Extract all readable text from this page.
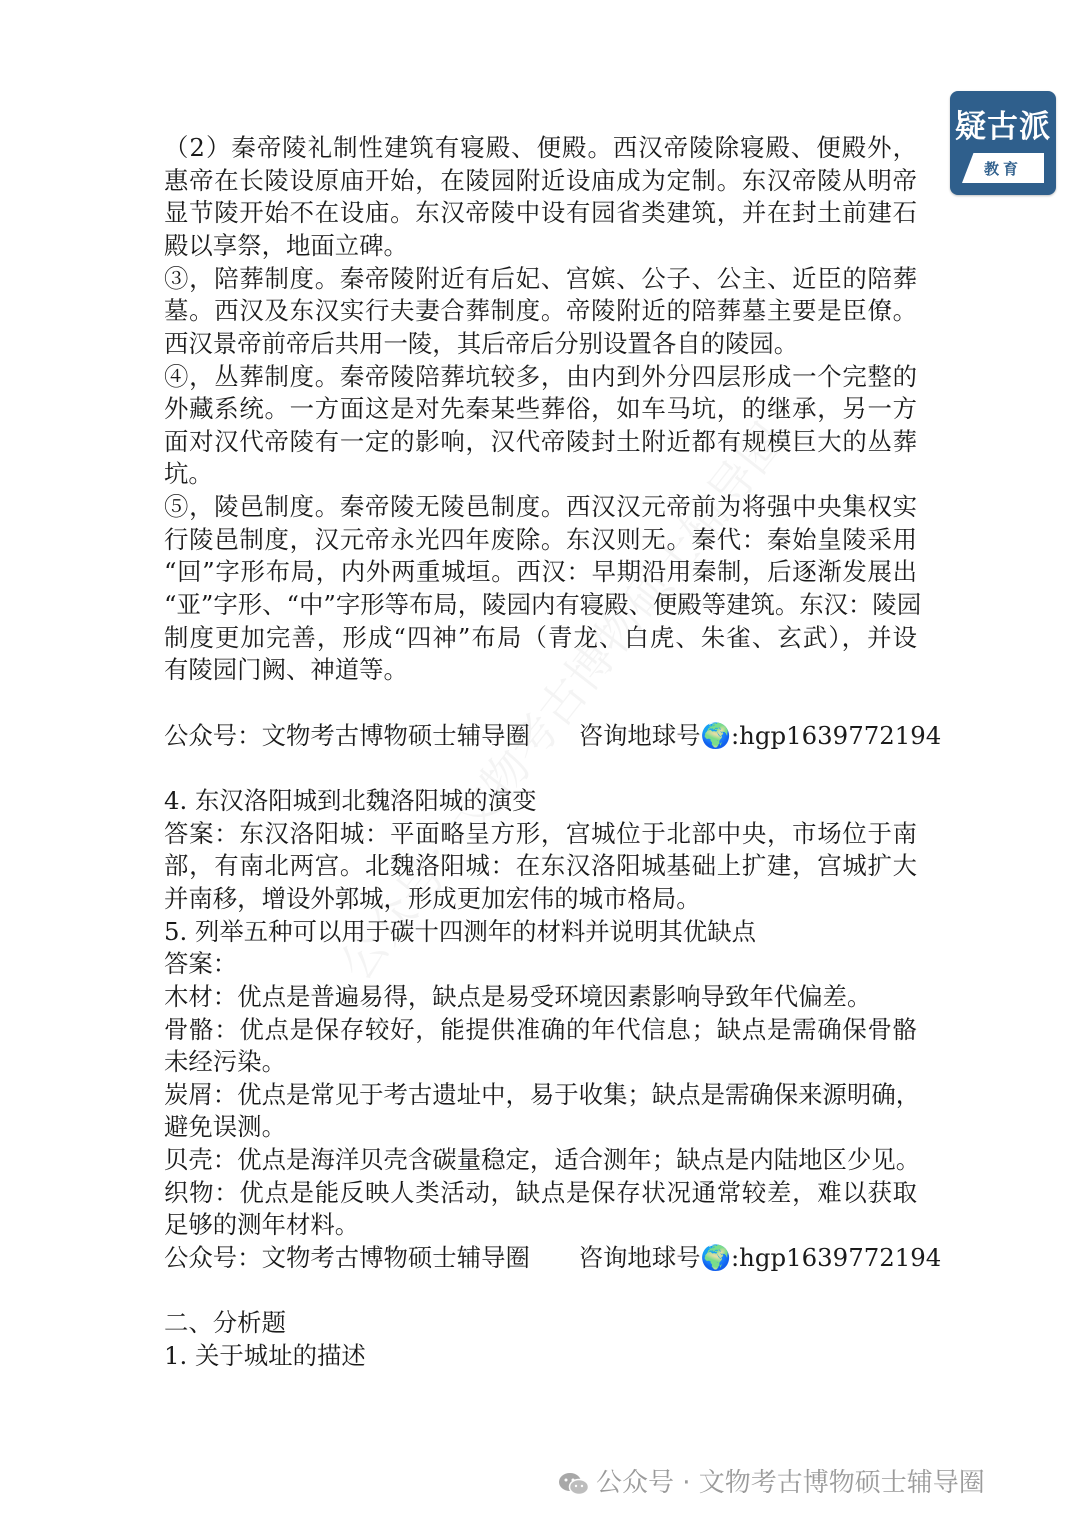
疑古派
教育
（2）秦帝陵礼制性建筑有寝殿、便殿。西汉帝陵除寝殿、便殿外，
惠帝在长陵设原庙开始，在陵园附近设庙成为定制。东汉帝陵从明帝
显节陵开始不在设庙。东汉帝陵中设有园省类建筑，并在封土前建石
殿以享祭，地面立碑。
③，陪葬制度。秦帝陵附近有后妃、宫嫔、公子、公主、近臣的陪葬
墓。西汉及东汉实行夫妻合葬制度。帝陵附近的陪葬墓主要是臣僚。
西汉景帝前帝后共用一陵，其后帝后分别设置各自的陵园。
④，丛葬制度。秦帝陵陪葬坑较多，由内到外分四层形成一个完整的
外藏系统。一方面这是对先秦某些葬俗，如车马坑，的继承，另一方
面对汉代帝陵有一定的影响，汉代帝陵封土附近都有规模巨大的丛葬
坑。
⑤，陵邑制度。秦帝陵无陵邑制度。西汉汉元帝前为将强中央集权实
行陵邑制度，汉元帝永光四年废除。东汉则无。秦代：秦始皇陵采用
“回”字形布局，内外两重城垣。西汉：早期沿用秦制，后逐渐发展出
“亚”字形、“中”字形等布局，陵园内有寝殿、便殿等建筑。东汉：陵园
制度更加完善，形成“四神”布局（青龙、白虎、朱雀、玄武），并设
有陵园门阙、神道等。
公众号：文物考古博物硕士辅导圈　　咨询地球号🌍:hgp1639772194
4. 东汉洛阳城到北魏洛阳城的演变
答案：东汉洛阳城：平面略呈方形，宫城位于北部中央，市场位于南
部，有南北两宫。北魏洛阳城：在东汉洛阳城基础上扩建，宫城扩大
并南移，增设外郭城，形成更加宏伟的城市格局。
5. 列举五种可以用于碳十四测年的材料并说明其优缺点
答案：
木材：优点是普遍易得，缺点是易受环境因素影响导致年代偏差。
骨骼：优点是保存较好，能提供准确的年代信息；缺点是需确保骨骼
未经污染。
炭屑：优点是常见于考古遗址中，易于收集；缺点是需确保来源明确，
避免误测。
贝壳：优点是海洋贝壳含碳量稳定，适合测年；缺点是内陆地区少见。
织物：优点是能反映人类活动，缺点是保存状况通常较差，难以获取
足够的测年材料。
公众号：文物考古博物硕士辅导圈　　咨询地球号🌍:hgp1639772194
二、分析题
1. 关于城址的描述
公众号 · 文物考古博物硕士辅导圈
